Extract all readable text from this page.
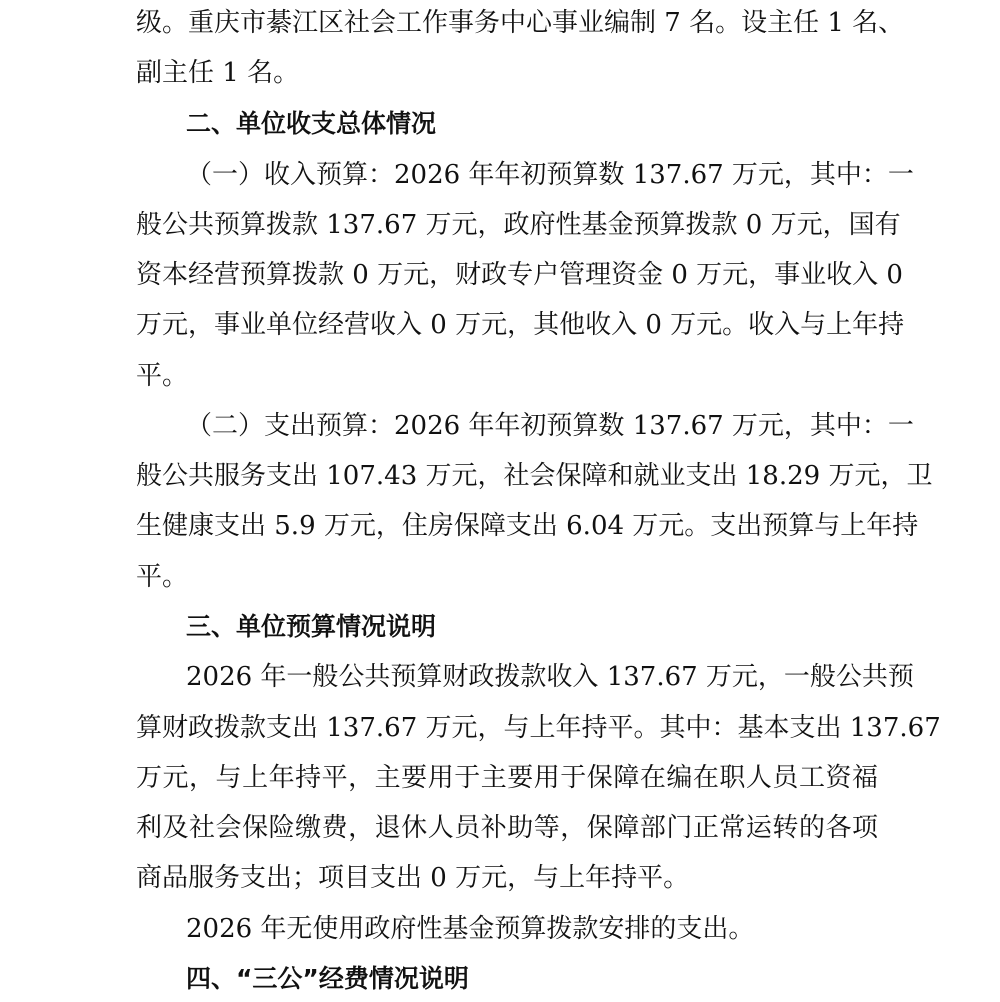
级。重庆市綦江区社会工作事务中心事业编制 7 名。设主任 1 名、
副主任 1 名。
二、单位收支总体情况
（一）收入预算：2026 年年初预算数 137.67 万元，其中：一
般公共预算拨款 137.67 万元，政府性基金预算拨款 0 万元，国有
资本经营预算拨款 0 万元，财政专户管理资金 0 万元，事业收入 0
万元，事业单位经营收入 0 万元，其他收入 0 万元。收入与上年持
平。
（二）支出预算：2026 年年初预算数 137.67 万元，其中：一
般公共服务支出 107.43 万元，社会保障和就业支出 18.29 万元，卫
生健康支出 5.9 万元，住房保障支出 6.04 万元。支出预算与上年持
平。
三、单位预算情况说明
2026 年一般公共预算财政拨款收入 137.67 万元，一般公共预
算财政拨款支出 137.67 万元，与上年持平。其中：基本支出 137.67
万元，与上年持平，主要用于主要用于保障在编在职人员工资福
利及社会保险缴费，退休人员补助等，保障部门正常运转的各项
商品服务支出；项目支出 0 万元，与上年持平。
2026 年无使用政府性基金预算拨款安排的支出。
四、“三公”经费情况说明
